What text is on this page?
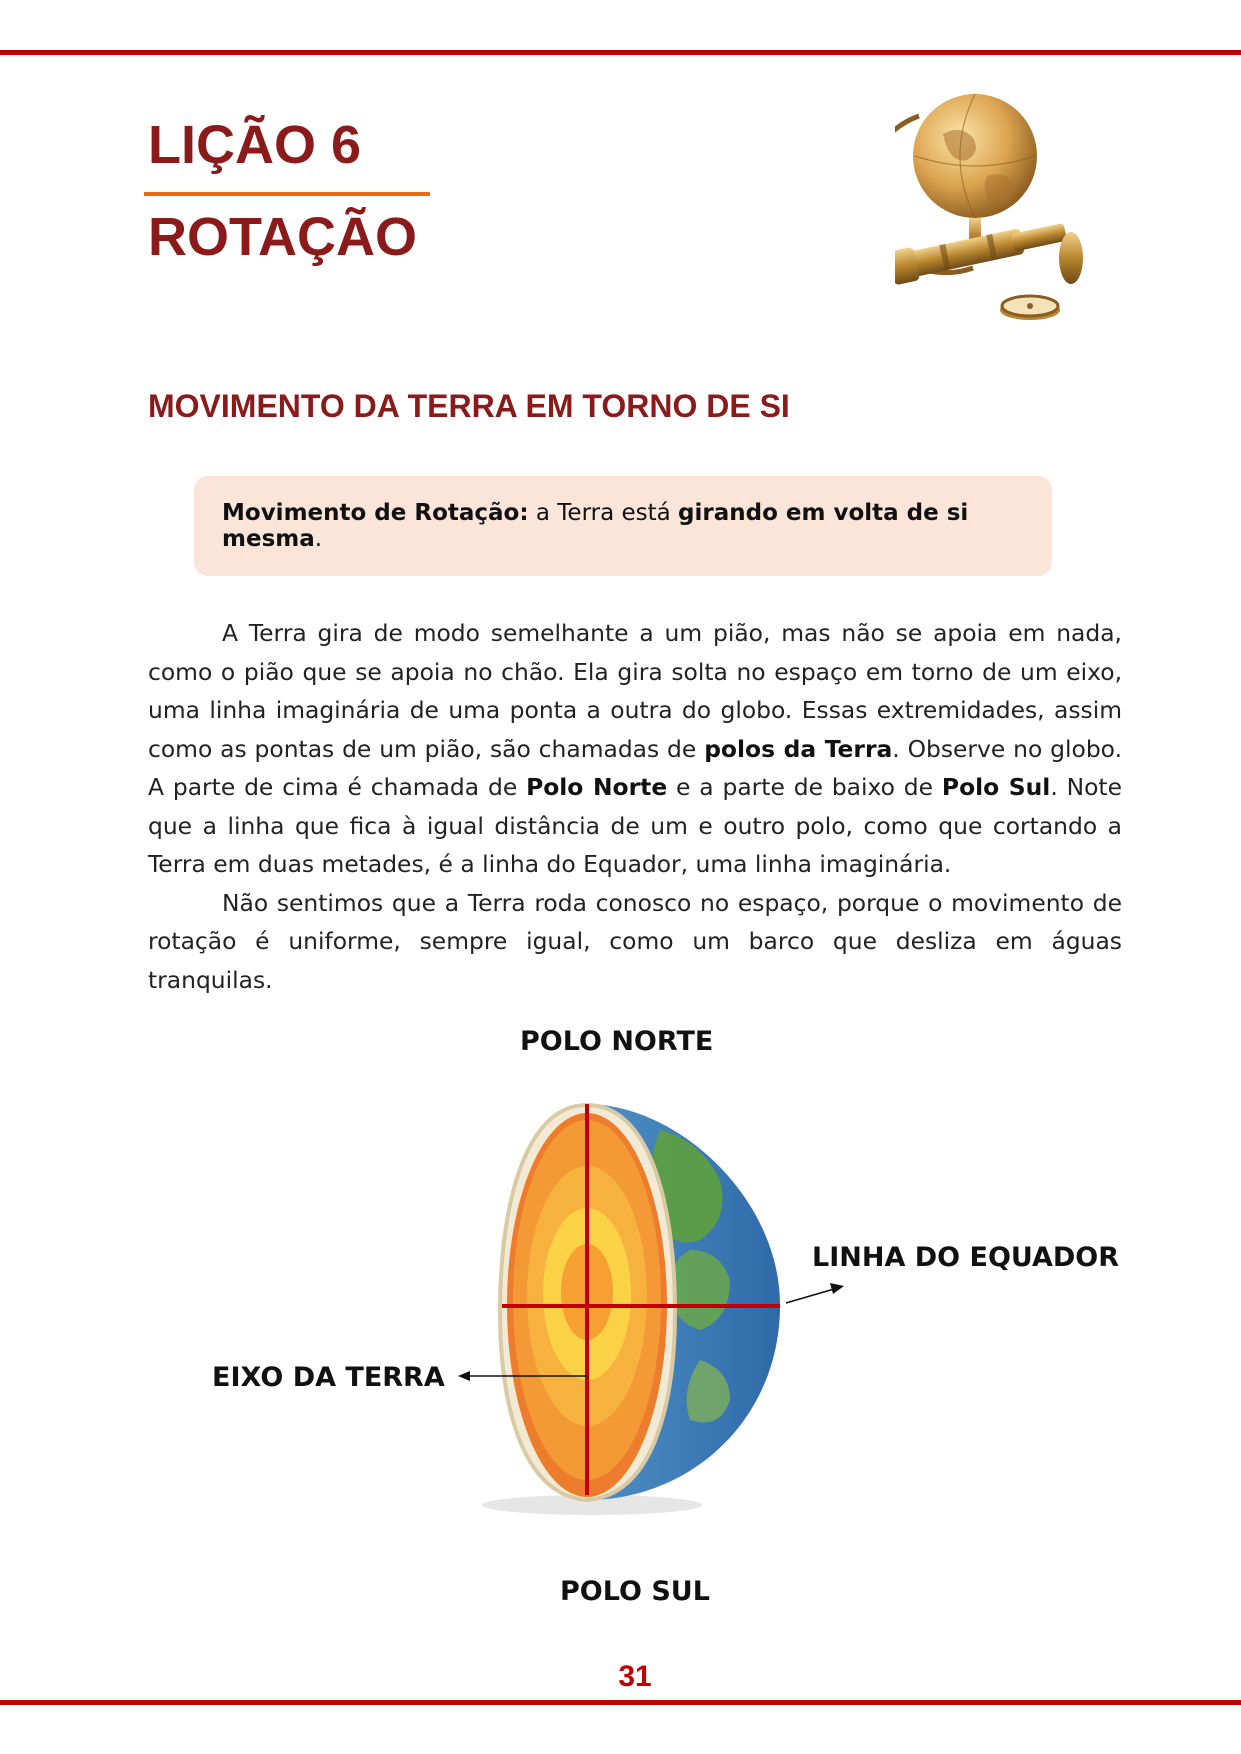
LIÇÃO 6
ROTAÇÃO
MOVIMENTO DA TERRA EM TORNO DE SI
Movimento de Rotação: a Terra está girando em volta de si mesma.

A Terra gira de modo semelhante a um pião, mas não se apoia em nada, como o pião que se apoia no chão. Ela gira solta no espaço em torno de um eixo, uma linha imaginária de uma ponta a outra do globo. Essas extremidades, assim como as pontas de um pião, são chamadas de polos da Terra. Observe no globo. A parte de cima é chamada de Polo Norte e a parte de baixo de Polo Sul. Note que a linha que fica à igual distância de um e outro polo, como que cortando a Terra em duas metades, é a linha do Equador, uma linha imaginária.

Não sentimos que a Terra roda conosco no espaço, porque o movimento de rotação é uniforme, sempre igual, como um barco que desliza em águas tranquilas.

POLO NORTE
LINHA DO EQUADOR
EIXO DA TERRA
POLO SUL
31
